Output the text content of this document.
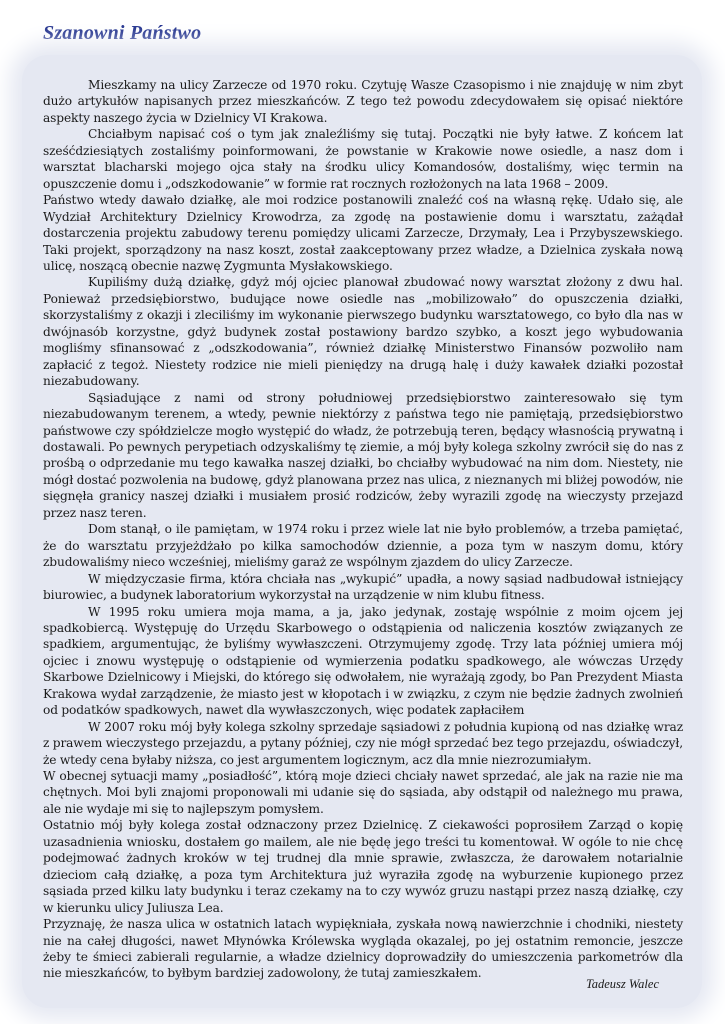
Szanowni Państwo

Mieszkamy na ulicy Zarzecze od 1970 roku. Czytuję Wasze Czasopismo i nie znajduję w nim zbyt dużo artykułów napisanych przez mieszkańców. Z tego też powodu zdecydowałem się opisać niektóre aspekty naszego życia w Dzielnicy VI Krakowa.

Chciałbym napisać coś o tym jak znaleźliśmy się tutaj. Początki nie były łatwe. Z końcem lat sześćdziesiątych zostaliśmy poinformowani, że powstanie w Krakowie nowe osiedle, a nasz dom i warsztat blacharski mojego ojca stały na środku ulicy Komandosów, dostaliśmy, więc termin na opuszczenie domu i „odszkodowanie” w formie rat rocznych rozłożonych na lata 1968 – 2009.

Państwo wtedy dawało działkę, ale moi rodzice postanowili znaleźć coś na własną rękę. Udało się, ale Wydział Architektury Dzielnicy Krowodrza, za zgodę na postawienie domu i warsztatu, zażądał dostarczenia projektu zabudowy terenu pomiędzy ulicami Zarzecze, Drzymały, Lea i Przybyszewskiego. Taki projekt, sporządzony na nasz koszt, został zaakceptowany przez władze, a Dzielnica zyskała nową ulicę, noszącą obecnie nazwę Zygmunta Mysłakowskiego.

Kupiliśmy dużą działkę, gdyż mój ojciec planował zbudować nowy warsztat złożony z dwu hal. Ponieważ przedsiębiorstwo, budujące nowe osiedle nas „mobilizowało” do opuszczenia działki, skorzystaliśmy z okazji i zleciliśmy im wykonanie pierwszego budynku warsztatowego, co było dla nas w dwójnasób korzystne, gdyż budynek został postawiony bardzo szybko, a koszt jego wybudowania mogliśmy sfinansować z „odszkodowania”, również działkę Ministerstwo Finansów pozwoliło nam zapłacić z tegoż. Niestety rodzice nie mieli pieniędzy na drugą halę i duży kawałek działki pozostał niezabudowany.

Sąsiadujące z nami od strony południowej przedsiębiorstwo zainteresowało się tym niezabudowanym terenem, a wtedy, pewnie niektórzy z państwa tego nie pamiętają, przedsiębiorstwo państwowe czy spółdzielcze mogło występić do władz, że potrzebują teren, będący własnością prywatną i dostawali. Po pewnych perypetiach odzyskaliśmy tę ziemie, a mój były kolega szkolny zwrócił się do nas z prośbą o odprzedanie mu tego kawałka naszej działki, bo chciałby wybudować na nim dom. Niestety, nie mógł dostać pozwolenia na budowę, gdyż planowana przez nas ulica, z nieznanych mi bliżej powodów, nie sięgnęła granicy naszej działki i musiałem prosić rodziców, żeby wyrazili zgodę na wieczysty przejazd przez nasz teren.

Dom stanął, o ile pamiętam, w 1974 roku i przez wiele lat nie było problemów, a trzeba pamiętać, że do warsztatu przyjeżdżało po kilka samochodów dziennie, a poza tym w naszym domu, który zbudowaliśmy nieco wcześniej, mieliśmy garaż ze wspólnym zjazdem do ulicy Zarzecze.

W międzyczasie firma, która chciała nas „wykupić” upadła, a nowy sąsiad nadbudował istniejący biurowiec, a budynek laboratorium wykorzystał na urządzenie w nim klubu fitness.

W 1995 roku umiera moja mama, a ja, jako jedynak, zostaję wspólnie z moim ojcem jej spadkobiercą. Występuję do Urzędu Skarbowego o odstąpienia od naliczenia kosztów związanych ze spadkiem, argumentując, że byliśmy wywłaszczeni. Otrzymujemy zgodę. Trzy lata później umiera mój ojciec i znowu występuję o odstąpienie od wymierzenia podatku spadkowego, ale wówczas Urzędy Skarbowe Dzielnicowy i Miejski, do którego się odwołałem, nie wyrażają zgody, bo Pan Prezydent Miasta Krakowa wydał zarządzenie, że miasto jest w kłopotach i w związku, z czym nie będzie żadnych zwolnień od podatków spadkowych, nawet dla wywłaszczonych, więc podatek zapłaciłem

W 2007 roku mój były kolega szkolny sprzedaje sąsiadowi z południa kupioną od nas działkę wraz z prawem wieczystego przejazdu, a pytany później, czy nie mógł sprzedać bez tego przejazdu, oświadczył, że wtedy cena byłaby niższa, co jest argumentem logicznym, acz dla mnie niezrozumiałym.

W obecnej sytuacji mamy „posiadłość”, którą moje dzieci chciały nawet sprzedać, ale jak na razie nie ma chętnych. Moi byli znajomi proponowali mi udanie się do sąsiada, aby odstąpił od należnego mu prawa, ale nie wydaje mi się to najlepszym pomysłem.

Ostatnio mój były kolega został odznaczony przez Dzielnicę. Z ciekawości poprosiłem Zarząd o kopię uzasadnienia wniosku, dostałem go mailem, ale nie będę jego treści tu komentował. W ogóle to nie chcę podejmować żadnych kroków w tej trudnej dla mnie sprawie, zwłaszcza, że darowałem notarialnie dzieciom całą działkę, a poza tym Architektura już wyraziła zgodę na wyburzenie kupionego przez sąsiada przed kilku laty budynku i teraz czekamy na to czy wywóz gruzu nastąpi przez naszą działkę, czy w kierunku ulicy Juliusza Lea.

Przyznaję, że nasza ulica w ostatnich latach wypiękniała, zyskała nową nawierzchnie i chodniki, niestety nie na całej długości, nawet Młynówka Królewska wygląda okazalej, po jej ostatnim remoncie, jeszcze żeby te śmieci zabierali regularnie, a władze dzielnicy doprowadziły do umieszczenia parkometrów dla nie mieszkańców, to byłbym bardziej zadowolony, że tutaj zamieszkałem.

Tadeusz Walec
